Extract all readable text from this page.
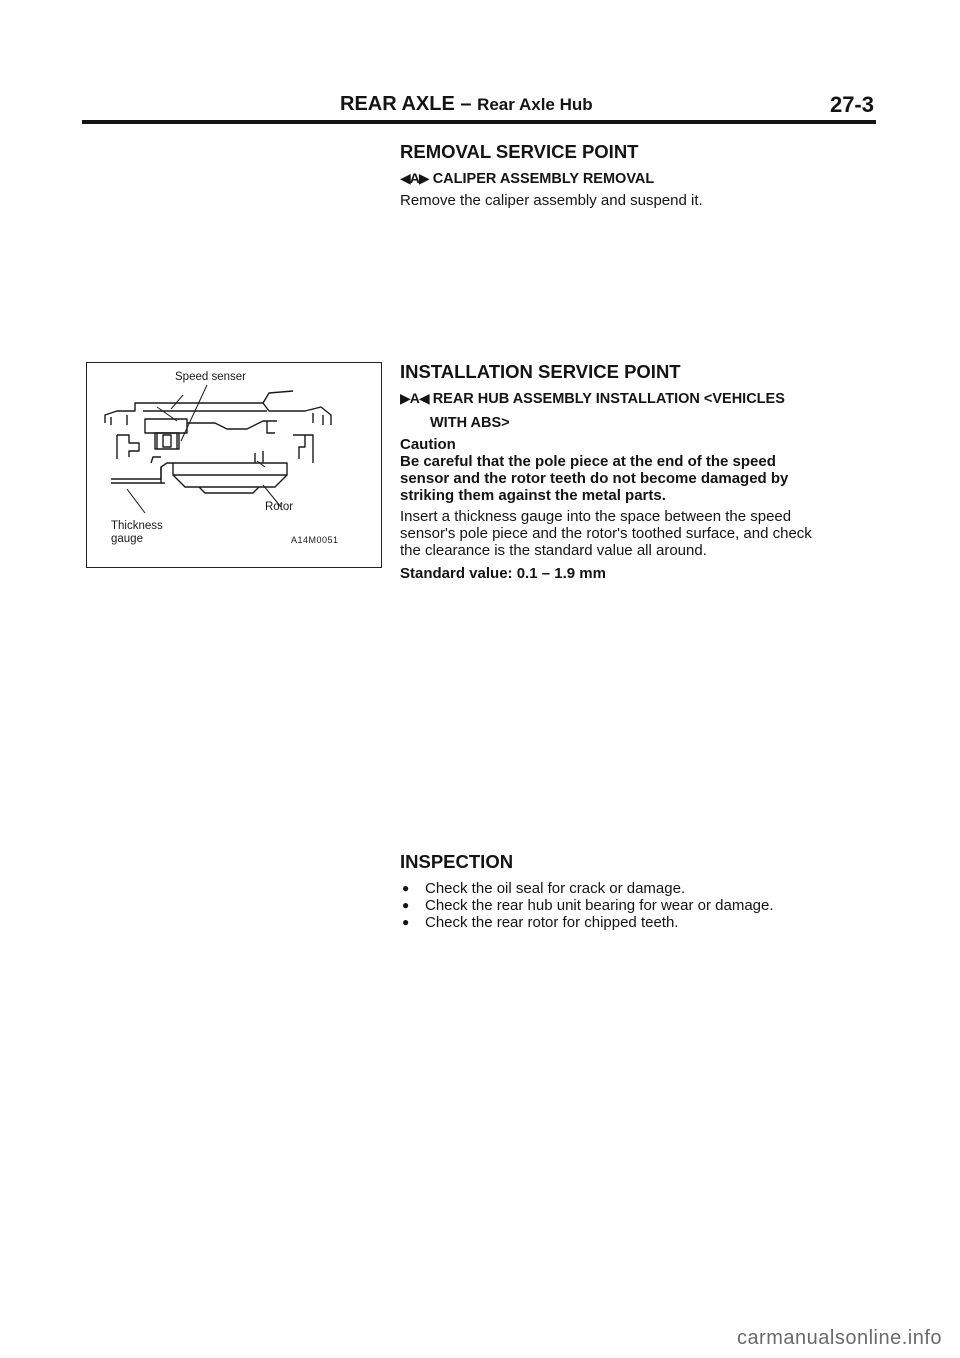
REAR AXLE – Rear Axle Hub	27-3

REMOVAL SERVICE POINT

◀A▶ CALIPER ASSEMBLY REMOVAL

Remove the caliper assembly and suspend it.

Speed senser
Rotor
Thickness
gauge	A14M0051

INSTALLATION SERVICE POINT

▶A◀ REAR HUB ASSEMBLY INSTALLATION <VEHICLES

WITH ABS>

Caution

Be careful that the pole piece at the end of the speed

sensor and the rotor teeth do not become damaged by

striking them against the metal parts.

Insert a thickness gauge into the space between the speed

sensor's pole piece and the rotor's toothed surface, and check

the clearance is the standard value all around.

Standard value: 0.1 – 1.9 mm

INSPECTION

●	Check the oil seal for crack or damage.
●	Check the rear hub unit bearing for wear or damage.
●	Check the rear rotor for chipped teeth.
carmanualsonline.info
